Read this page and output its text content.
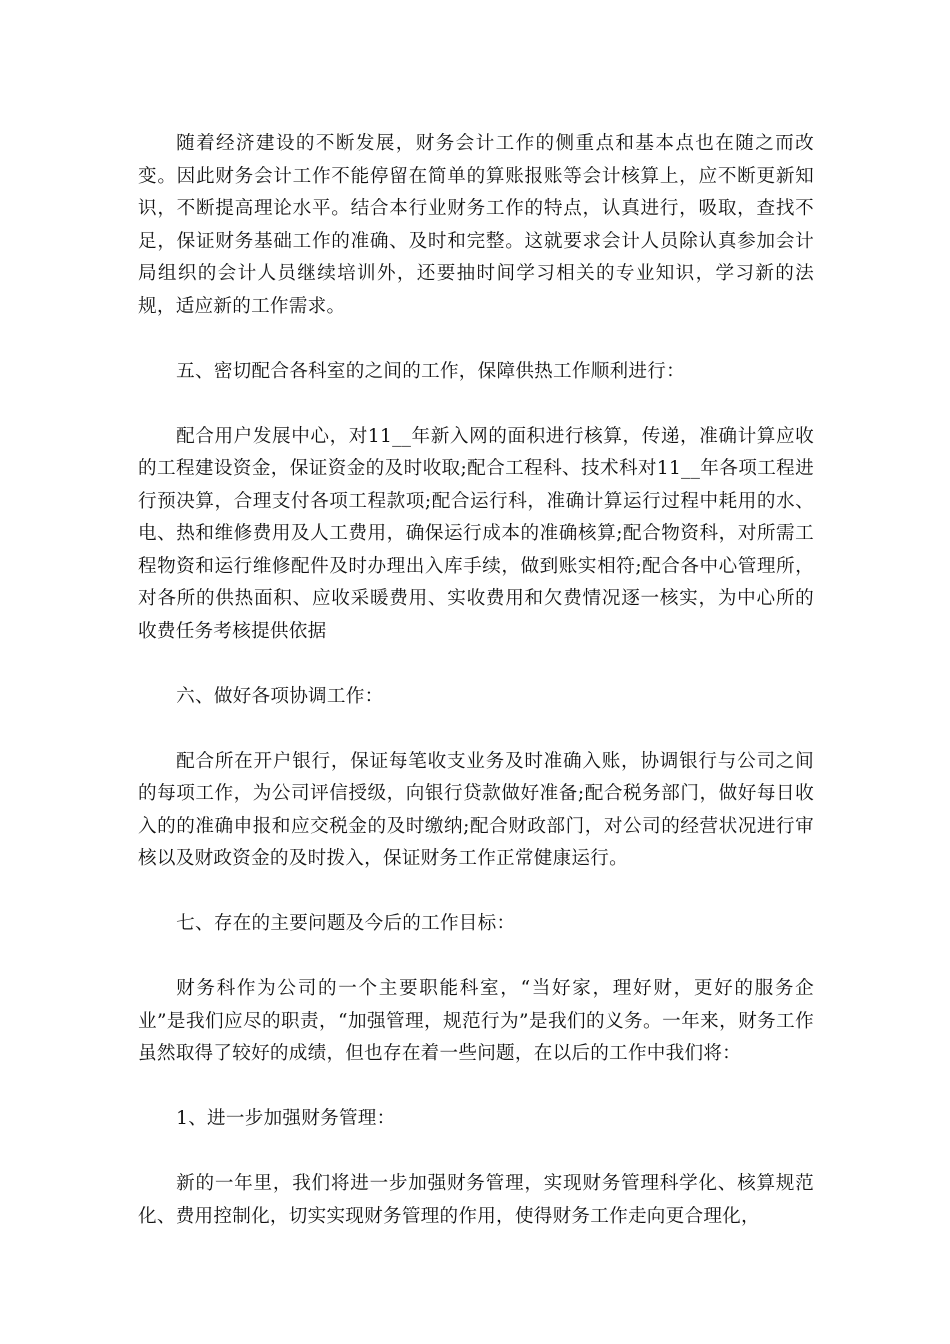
随着经济建设的不断发展，财务会计工作的侧重点和基本点也在随之而改变。因此财务会计工作不能停留在简单的算账报账等会计核算上，应不断更新知识，不断提高理论水平。结合本行业财务工作的特点，认真进行，吸取，查找不足，保证财务基础工作的准确、及时和完整。这就要求会计人员除认真参加会计局组织的会计人员继续培训外，还要抽时间学习相关的专业知识，学习新的法规，适应新的工作需求。

五、密切配合各科室的之间的工作，保障供热工作顺利进行：

配合用户发展中心，对11__年新入网的面积进行核算，传递，准确计算应收的工程建设资金，保证资金的及时收取;配合工程科、技术科对11__年各项工程进行预决算，合理支付各项工程款项;配合运行科，准确计算运行过程中耗用的水、电、热和维修费用及人工费用，确保运行成本的准确核算;配合物资科，对所需工程物资和运行维修配件及时办理出入库手续，做到账实相符;配合各中心管理所，对各所的供热面积、应收采暖费用、实收费用和欠费情况逐一核实，为中心所的收费任务考核提供依据

六、做好各项协调工作：

配合所在开户银行，保证每笔收支业务及时准确入账，协调银行与公司之间的每项工作，为公司评信授级，向银行贷款做好准备;配合税务部门，做好每日收入的的准确申报和应交税金的及时缴纳;配合财政部门，对公司的经营状况进行审核以及财政资金的及时拨入，保证财务工作正常健康运行。

七、存在的主要问题及今后的工作目标：

财务科作为公司的一个主要职能科室，“当好家，理好财，更好的服务企业”是我们应尽的职责，“加强管理，规范行为”是我们的义务。一年来，财务工作虽然取得了较好的成绩，但也存在着一些问题，在以后的工作中我们将：

1、进一步加强财务管理：

新的一年里，我们将进一步加强财务管理，实现财务管理科学化、核算规范化、费用控制化，切实实现财务管理的作用，使得财务工作走向更合理化，
